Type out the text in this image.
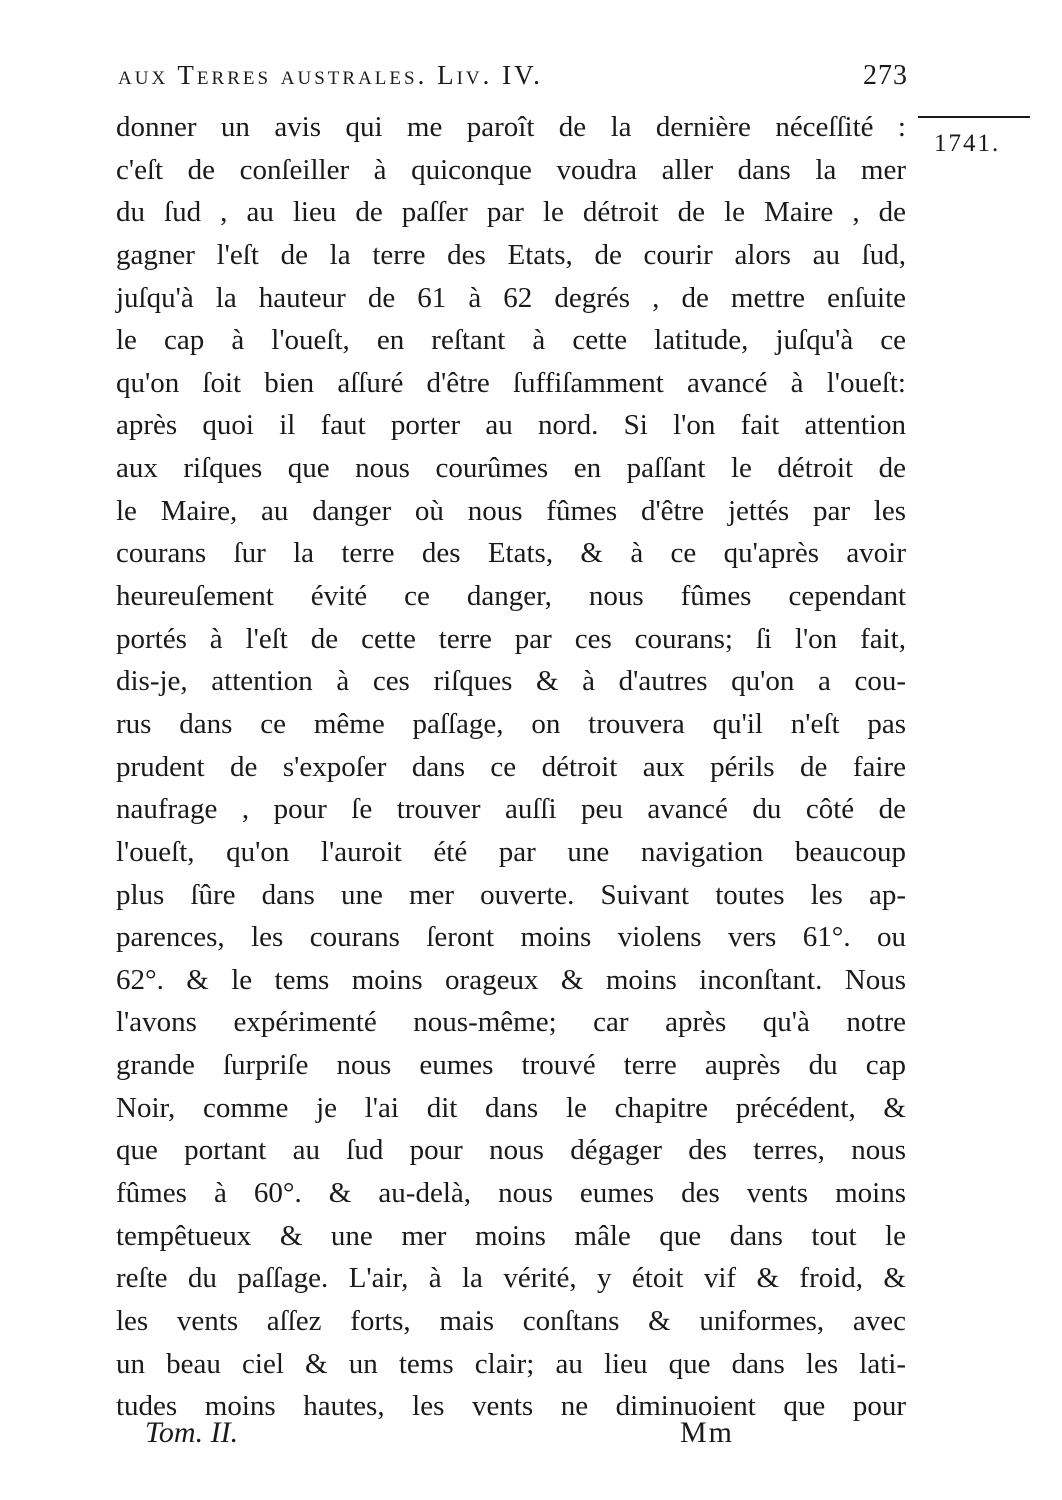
aux Terres australes. Liv. IV.	273
1741.
donner un avis qui me paroît de la dernière néceſſité :
c'eſt de conſeiller à quiconque voudra aller dans la mer
du ſud , au lieu de paſſer par le détroit de le Maire , de
gagner l'eſt de la terre des Etats, de courir alors au ſud,
juſqu'à la hauteur de 61 à 62 degrés , de mettre enſuite
le cap à l'oueſt, en reſtant à cette latitude, juſqu'à ce
qu'on ſoit bien aſſuré d'être ſuffiſamment avancé à l'oueſt:
après quoi il faut porter au nord. Si l'on fait attention
aux riſques que nous courûmes en paſſant le détroit de
le Maire, au danger où nous fûmes d'être jettés par les
courans ſur la terre des Etats, & à ce qu'après avoir
heureuſement évité ce danger, nous fûmes cependant
portés à l'eſt de cette terre par ces courans; ſi l'on fait,
dis-je, attention à ces riſques & à d'autres qu'on a cou-
rus dans ce même paſſage, on trouvera qu'il n'eſt pas
prudent de s'expoſer dans ce détroit aux périls de faire
naufrage , pour ſe trouver auſſi peu avancé du côté de
l'oueſt, qu'on l'auroit été par une navigation beaucoup
plus ſûre dans une mer ouverte. Suivant toutes les ap-
parences, les courans ſeront moins violens vers 61°. ou
62°. & le tems moins orageux & moins inconſtant. Nous
l'avons expérimenté nous-même; car après qu'à notre
grande ſurpriſe nous eumes trouvé terre auprès du cap
Noir, comme je l'ai dit dans le chapitre précédent, &
que portant au ſud pour nous dégager des terres, nous
fûmes à 60°. & au-delà, nous eumes des vents moins
tempêtueux & une mer moins mâle que dans tout le
reſte du paſſage. L'air, à la vérité, y étoit vif & froid, &
les vents aſſez forts, mais conſtans & uniformes, avec
un beau ciel & un tems clair; au lieu que dans les lati-
tudes moins hautes, les vents ne diminuoient que pour
Tom. II.	Mm
